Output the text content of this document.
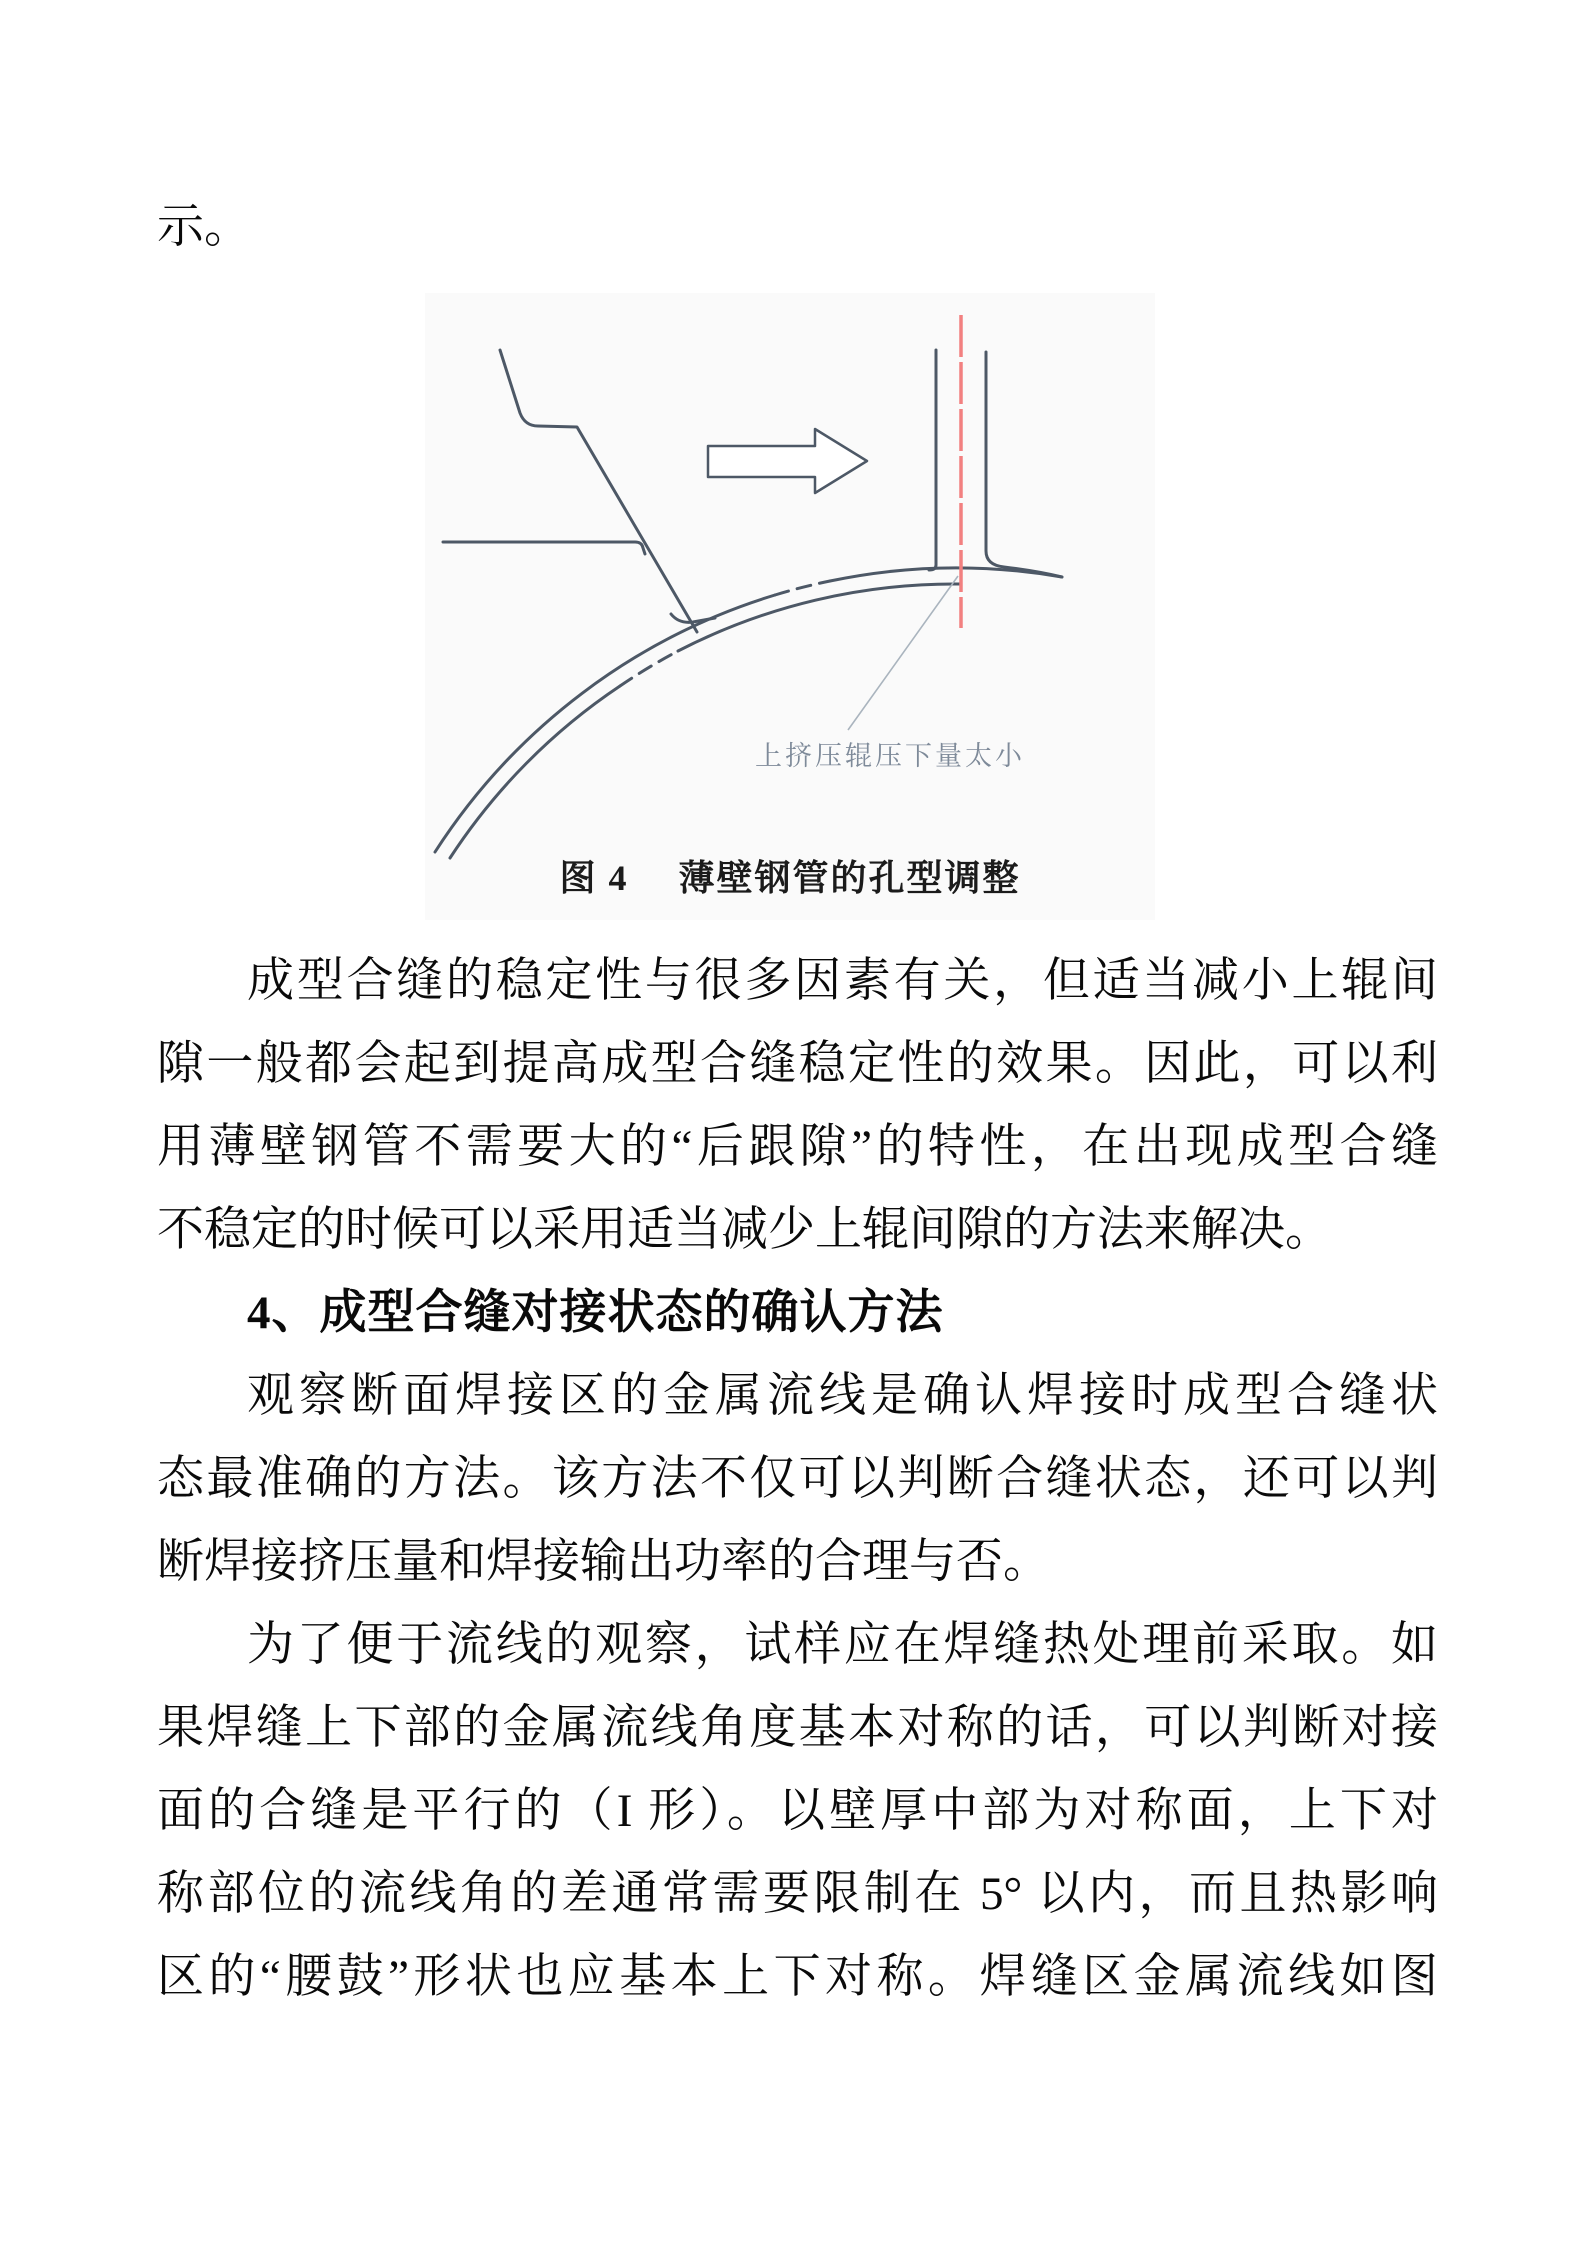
示。
上挤压辊压下量太小
图 4 薄壁钢管的孔型调整
成型合缝的稳定性与很多因素有关，但适当减小上辊间
隙一般都会起到提高成型合缝稳定性的效果。因此，可以利
用薄壁钢管不需要大的“后跟隙”的特性，在出现成型合缝
不稳定的时候可以采用适当减少上辊间隙的方法来解决。
4、成型合缝对接状态的确认方法
观察断面焊接区的金属流线是确认焊接时成型合缝状
态最准确的方法。该方法不仅可以判断合缝状态，还可以判
断焊接挤压量和焊接输出功率的合理与否。
为了便于流线的观察，试样应在焊缝热处理前采取。如
果焊缝上下部的金属流线角度基本对称的话，可以判断对接
面的合缝是平行的（I 形）。以壁厚中部为对称面，上下对
称部位的流线角的差通常需要限制在 5° 以内，而且热影响
区的“腰鼓”形状也应基本上下对称。焊缝区金属流线如图
